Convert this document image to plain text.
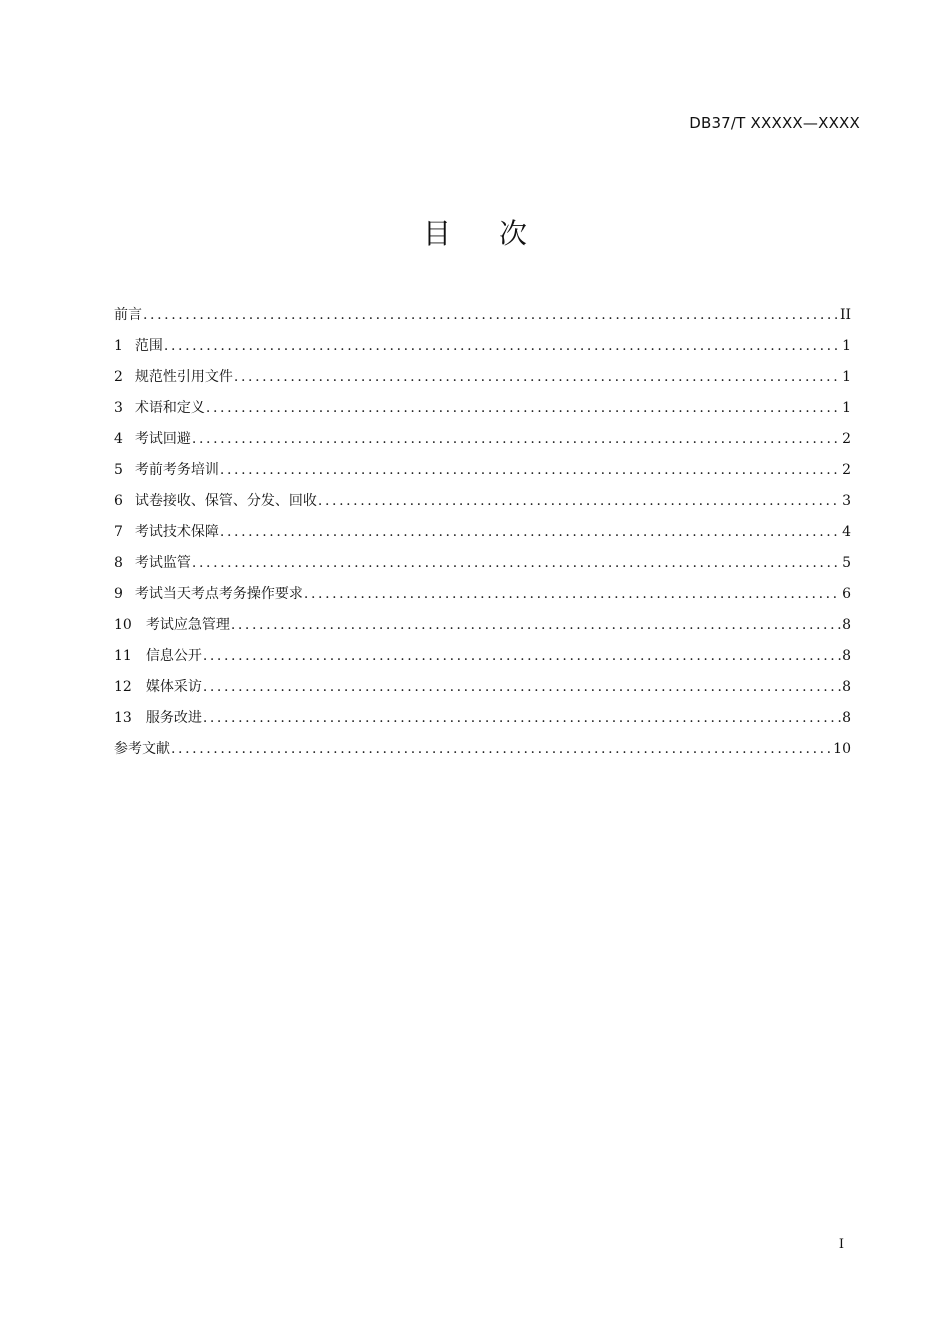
DB37/T XXXXX—XXXX
目 次
前言 .....	II
1 范围 .....	1
2 规范性引用文件 .....	1
3 术语和定义 .....	1
4 考试回避 .....	2
5 考前考务培训 .....	2
6 试卷接收、保管、分发、回收 .....	3
7 考试技术保障 .....	4
8 考试监管 .....	5
9 考试当天考点考务操作要求 .....	6
10 考试应急管理 .....	8
11 信息公开 .....	8
12 媒体采访 .....	8
13 服务改进 .....	8
参考文献 .....	10
I
